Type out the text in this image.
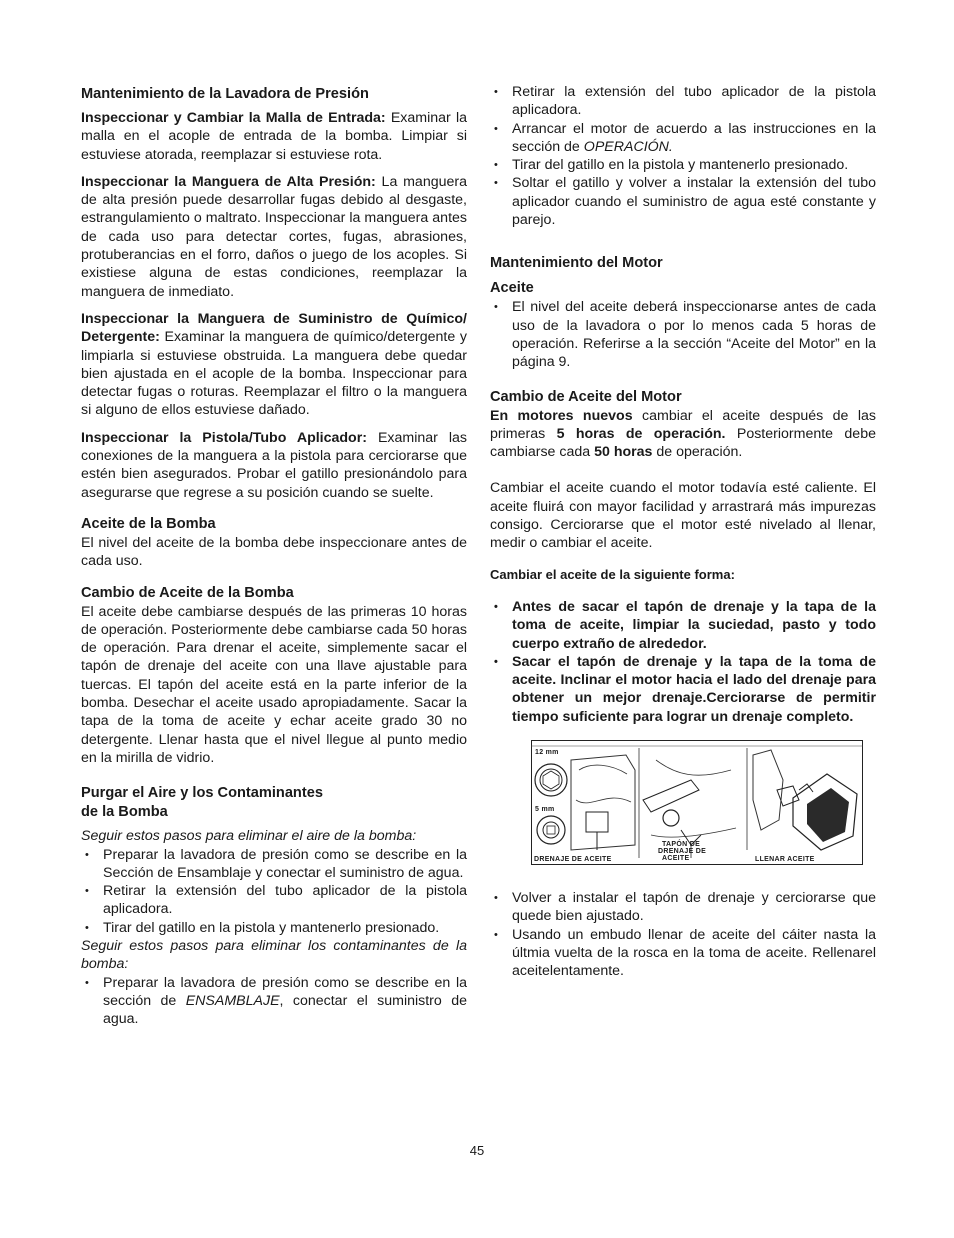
Mantenimiento de la Lavadora de Presión

Inspeccionar y Cambiar la Malla de Entrada: Examinar la malla en el acople de entrada de la bomba. Limpiar si estuviese atorada, reemplazar si estuviese rota.

Inspeccionar la Manguera de Alta Presión: La manguera de alta presión puede desarrollar fugas debido al desgaste, estrangulamiento o maltrato. Inspeccionar la manguera antes de cada uso para detectar cortes, fugas, abrasiones, protuberancias en el forro, daños o juego de los acoples. Si existiese alguna de estas condiciones, reemplazar la manguera de inmediato.

Inspeccionar la Manguera de Suministro de Químico/ Detergente: Examinar la manguera de químico/detergente y limpiarla si estuviese obstruida. La manguera debe quedar bien ajustada en el acople de la bomba. Inspeccionar para detectar fugas o roturas. Reemplazar el filtro o la manguera si alguno de ellos estuviese dañado.

Inspeccionar la Pistola/Tubo Aplicador: Examinar las conexiones de la manguera a la pistola para cerciorarse que estén bien asegurados. Probar el gatillo presionándolo para asegurarse que regrese a su posición cuando se suelte.

Aceite de la Bomba

El nivel del aceite de la bomba debe inspeccionare antes de cada uso.

Cambio de Aceite de la Bomba

El aceite debe cambiarse después de las primeras 10 horas de operación. Posteriormente debe cambiarse cada 50 horas de operación. Para drenar el aceite, simplemente sacar el tapón de drenaje del aceite con una llave ajustable para tuercas. El tapón del aceite está en la parte inferior de la bomba. Desechar el aceite usado apropiadamente. Sacar la tapa de la toma de aceite y echar aceite grado 30 no detergente. Llenar hasta que el nivel llegue al punto medio en la mirilla de vidrio.

Purgar el Aire y los Contaminantes
de la Bomba

Seguir estos pasos para eliminar el aire de la bomba:

• Preparar la lavadora de presión como se describe en la Sección de Ensamblaje y conectar el suministro de agua.
• Retirar la extensión del tubo aplicador de la pistola aplicadora.
• Tirar del gatillo en la pistola y mantenerlo presionado.

Seguir estos pasos para eliminar los contaminantes de la bomba:

• Preparar la lavadora de presión como se describe en la sección de ENSAMBLAJE, conectar el suministro de agua.
• Retirar la extensión del tubo aplicador de la pistola aplicadora.
• Arrancar el motor de acuerdo a las instrucciones en la sección de OPERACIÓN.
• Tirar del gatillo en la pistola y mantenerlo presionado.
• Soltar el gatillo y volver a instalar la extensión del tubo aplicador cuando el suministro de agua esté constante y parejo.
Mantenimiento del Motor
Aceite
• El nivel del aceite deberá inspeccionarse antes de cada uso de la lavadora o por lo menos cada 5 horas de operación. Referirse a la sección “Aceite del Motor” en la página 9.
Cambio de Aceite del Motor

En motores nuevos cambiar el aceite después de las primeras 5 horas de operación. Posteriormente debe cambiarse cada 50 horas de operación.

Cambiar el aceite cuando el motor todavía esté caliente. El aceite fluirá con mayor facilidad y arrastrará más impurezas consigo. Cerciorarse que el motor esté nivelado al llenar, medir o cambiar el aceite.

Cambiar el aceite de la siguiente forma:

• Antes de sacar el tapón de drenaje y la tapa de la toma de aceite, limpiar la suciedad, pasto y todo cuerpo extraño de alrededor.
• Sacar el tapón de drenaje y la tapa de la toma de aceite. Inclinar el motor hacia el lado del drenaje para obtener un mejor drenaje.Cerciorarse de permitir tiempo suficiente para lograr un drenaje completo.
12 mm
5 mm
TAPÓN DE
DRENAJE DE
DRENAJE DE ACEITE	ACEITE	LLENAR ACEITE
• Volver a instalar el tapón de drenaje y cerciorarse que quede bien ajustado.
• Usando un embudo llenar de aceite del cáiter nasta la últmia vuelta de la rosca en la toma de aceite. Rellenarel aceitelentamente.
45
